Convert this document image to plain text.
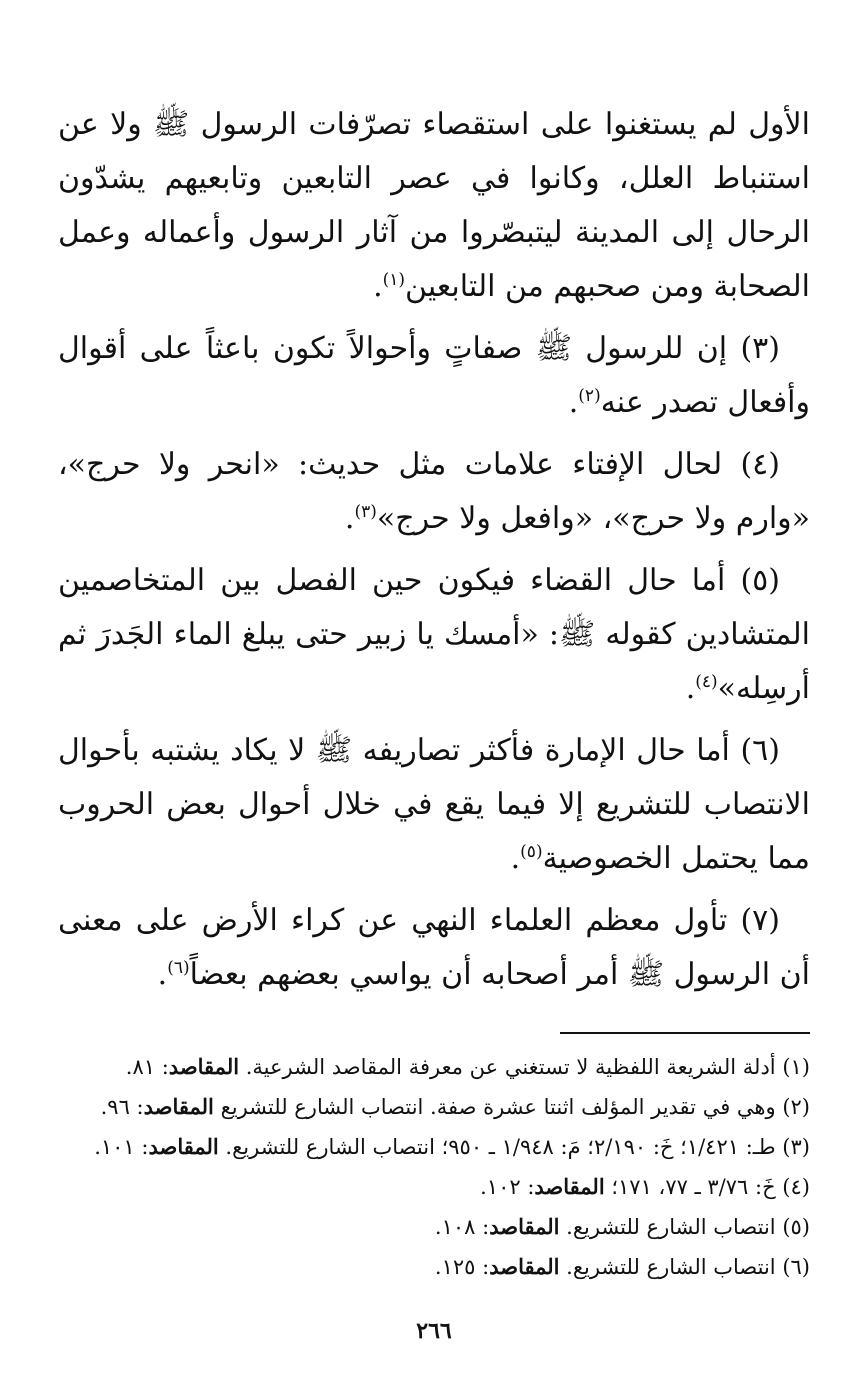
الأول لم يستغنوا على استقصاء تصرّفات الرسول ﷺ ولا عن استنباط العلل، وكانوا في عصر التابعين وتابعيهم يشدّون الرحال إلى المدينة ليتبصّروا من آثار الرسول وأعماله وعمل الصحابة ومن صحبهم من التابعين$^{(١)}$.

(٣) إن للرسول ﷺ صفاتٍ وأحوالاً تكون باعثاً على أقوال وأفعال تصدر عنه$^{(٢)}$.

(٤) لحال الإفتاء علامات مثل حديث: «انحر ولا حرج»، «وارم ولا حرج»، «وافعل ولا حرج»$^{(٣)}$.

(٥) أما حال القضاء فيكون حين الفصل بين المتخاصمين المتشادين كقوله ﷺ: «أمسك يا زبير حتى يبلغ الماء الجَدرَ ثم أرسِله»$^{(٤)}$.

(٦) أما حال الإمارة فأكثر تصاريفه ﷺ لا يكاد يشتبه بأحوال الانتصاب للتشريع إلا فيما يقع في خلال أحوال بعض الحروب مما يحتمل الخصوصية$^{(٥)}$.

(٧) تأول معظم العلماء النهي عن كراء الأرض على معنى أن الرسول ﷺ أمر أصحابه أن يواسي بعضهم بعضاً$^{(٦)}$.

(١) أدلة الشريعة اللفظية لا تستغني عن معرفة المقاصد الشرعية. المقاصد: ٨١.
(٢) وهي في تقدير المؤلف اثنتا عشرة صفة. انتصاب الشارع للتشريع المقاصد: ٩٦.
(٣) طـ: ١/٤٢١؛ خَ: ٢/١٩٠؛ مَ: ١/٩٤٨ ـ ٩٥٠؛ انتصاب الشارع للتشريع. المقاصد: ١٠١.
(٤) خَ: ٣/٧٦ ـ ٧٧، ١٧١؛ المقاصد: ١٠٢.
(٥) انتصاب الشارع للتشريع. المقاصد: ١٠٨.
(٦) انتصاب الشارع للتشريع. المقاصد: ١٢٥.
٢٦٦
